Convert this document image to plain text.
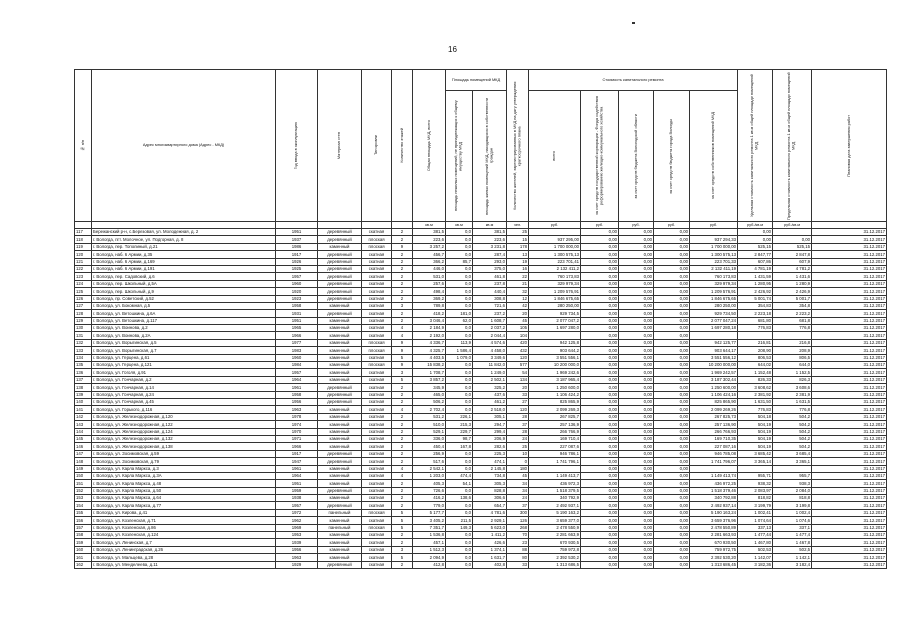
16
№ п/п	Адрес многоквартирного дома (Адрес - МКД)	Год ввода в эксплуатацию	Материал стен	Тип кровли	Количество этажей	Общая площадь МКД, всего	Площадь помещений МКД		Количество жителей, зарегистрированных в МКД на дату утверждения краткосрочного плана	Стоимость капитального ремонта					Удельная стоимость капитального ремонта 1 кв.м общей площади помещений МКД	Предельная стоимость капитального ремонта 1 кв.м общей площади помещений МКД	Плановая дата завершения работ

							площадь нежилых помещений, не принадлежащих к общему имуществу МКД	площадь жилых помещений МКД, находящихся в собственности граждан		всего	за счет средств государственной корпорации - Фонда содействия реформированию жилищно-коммунального хозяйства	за счет средств бюджета Вологодской области	за счет средств бюджета города Вологды	за счет средств собственников помещений МКД			

						кв.м	кв.м	кв.м	чел.	руб.	руб.	руб.	руб.	руб.	руб./кв.м	руб./кв.м	
117	Бережанский р-н, с.Березовая, ул. Молодежная, д. 2	1951	деревянный	скатная	2	381,5	0,0	381,5	25		0,00	0,00	0,00		0,00		31.12.2017
118	г. Вологда, пгт. Молочное, ул. Подгорная, д. 8	1937	деревянный	плоская	2	223,6	0,0	223,6	15	937 295,00	0,00	0,00	0,00	937 294,33	0,00	0,00	31.12.2017
119	г. Вологда, пер. Тополиный, д.21	1986	каменный	плоская	9	3 257,2	0,0	3 231,8	178	1 700 000,00	0,00	0,00	0,00	1 700 000,00	525,15	525,15	31.12.2017
120	г. Вологда, наб. 6 Армии, д.35	1917	деревянный	скатная	2	456,7	0,0	287,4	13	1 300 575,13	0,00	0,00	0,00	1 300 575,13	2 847,77	2 847,8	31.12.2017
121	г. Вологда, наб. 6 Армии, д.169	1926	деревянный	скатная	2	366,2	85,7	293,0	19	223 701,41	0,00	0,00	0,00	223 701,33	607,86	607,9	31.12.2017
122	г. Вологда, наб. 6 Армии, д.191	1925	деревянный	скатная	2	446,0	0,0	375,0	16	2 132 411,2	0,00	0,00	0,00	2 132 411,19	4 781,19	4 781,2	31.12.2017
123	г. Вологда, пер. Садовский, д.6	1957	деревянный	скатная	2	531,0	0,0	461,8	22	760 173,83	0,00	0,00	0,00	760 173,83	1 431,59	1 431,6	31.12.2017
124	г. Вологда, пер. Школьный, д.5А	1960	деревянный	скатная	2	257,6	0,0	237,8	21	329 979,34	0,00	0,00	0,00	329 979,34	1 280,95	1 280,9	31.12.2017
125	г. Вологда, пер. Школьный, д.9	1920	деревянный	скатная	2	498,4	0,0	440,4	32	1 209 576,91	0,00	0,00	0,00	1 209 576,91	2 426,92	2 426,9	31.12.2017
126	г. Вологда, пр. Советский, д.52	1923	деревянный	скатная	2	369,2	0,0	308,8	12	1 846 675,65	0,00	0,00	0,00	1 846 675,65	5 001,74	5 001,7	31.12.2017
127	г. Вологда, ул. Бокомная, д.5	1958	каменный	скатная	3	789,8	0,0	721,6	42	280 250,00	0,00	0,00	0,00	280 250,00	354,83	354,8	31.12.2017
128	г. Вологда, ул. Ветошкина, д.6А	1931	деревянный	скатная	2	418,2	181,0	237,2	20	929 734,5	0,00	0,00	0,00	929 734,50	2 223,18	2 223,2	31.12.2017
129	г. Вологда, ул. Ветошкина, д.117	1951	каменный	скатная	2	3 046,4	62,0	1 608,7	45	2 077 047,2	0,00	0,00	0,00	2 077 047,24	681,80	681,8	31.12.2017
130	г. Вологда, ул. Воинова, д.2	1965	каменный	скатная	4	2 184,9	0,0	2 037,2	105	1 697 280,0	0,00	0,00	0,00	1 697 280,18	776,83	776,8	31.12.2017
131	г. Вологда, ул. Воинова, д.2А	1966	каменный	скатная	4	2 192,0	0,0	2 044,4	104		0,00	0,00	0,00				31.12.2017
132	г. Вологда, ул. Ворыгинская, д.5	1977	каменный	плоская	9	4 336,7	113,9	4 574,6	420	942 125,8	0,00	0,00	0,00	942 125,77	216,81	216,8	31.12.2017
133	г. Вологда, ул. Ворыгинская, д.7	1983	каменный	плоская	9	4 325,7	1 586,4	4 458,0	432	903 644,2	0,00	0,00	0,00	903 644,17	208,90	208,9	31.12.2017
134	г. Вологда, ул. Герцена, д.61	1960	каменный	скатная	5	4 403,5	1 079,0	3 349,6	120	3 551 556,1	0,00	0,00	0,00	3 551 556,12	806,53	806,5	31.12.2017
135	г. Вологда, ул. Герцена, д.121	1984	каменный	плоская	9	15 838,2	0,0	11 842,0	577	10 200 000,0	0,00	0,00	0,00	10 200 000,00	644,02	644,0	31.12.2017
136	г. Вологда, ул. Гоголя, д.91	1957	каменный	скатная	3	1 708,7	0,0	1 249,0	54	1 969 242,6	0,00	0,00	0,00	1 969 242,57	1 152,48	1 152,5	31.12.2017
137	г. Вологда, ул. Гончарная, д.2	1964	каменный	скатная	5	3 857,2	0,0	2 502,1	134	3 187 965,4	0,00	0,00	0,00	3 187 302,44	826,33	826,3	31.12.2017
138	г. Вологда, ул. Гончарная, д.14	1961	деревянный	скатная	2	345,9	0,0	325,2	20	1 250 600,0	0,00	0,00	0,00	1 250 600,00	3 608,62	3 608,6	31.12.2017
139	г. Вологда, ул. Гончарная, д.24	1958	деревянный	скатная	2	465,0	0,0	437,6	33	1 106 424,2	0,00	0,00	0,00	1 106 424,16	2 381,92	2 381,9	31.12.2017
140	г. Вологда, ул. Гончарная, д.45	1956	деревянный	скатная	2	506,2	0,0	461,2	27	825 865,9	0,00	0,00	0,00	825 865,90	1 631,50	1 631,5	31.12.2017
141	г. Вологда, ул. Горького, д.116	1963	каменный	скатная	4	2 702,4	0,0	2 518,0	120	2 099 269,3	0,00	0,00	0,00	2 099 269,26	776,83	776,8	31.12.2017
142	г. Вологда, ул. Железнодорожная, д.120	1978	каменный	скатная	2	531,2	226,1	305,1	28	267 825,7	0,00	0,00	0,00	267 825,73	504,18	504,2	31.12.2017
143	г. Вологда, ул. Железнодорожная, д.122	1974	каменный	скатная	2	510,0	215,3	294,7	37	257 136,9	0,00	0,00	0,00	257 136,90	504,19	504,2	31.12.2017
144	г. Вологда, ул. Железнодорожная, д.124	1970	каменный	скатная	2	529,1	229,7	299,4	28	266 766,9	0,00	0,00	0,00	266 766,93	504,19	504,2	31.12.2017
145	г. Вологда, ул. Железнодорожная, д.132	1971	каменный	скатная	2	336,0	98,7	206,9	24	169 710,4	0,00	0,00	0,00	169 710,35	504,19	504,2	31.12.2017
146	г. Вологда, ул. Железнодорожная, д.138	1966	каменный	скатная	2	450,4	167,8	282,6	25	227 087,6	0,00	0,00	0,00	227 087,16	504,19	504,2	31.12.2017
147	г. Вологда, ул. Зосимовская, д.59	1917	деревянный	скатная	2	256,9	0,0	225,3	10	946 786,1	0,00	0,00	0,00	946 785,08	3 685,42	3 685,4	31.12.2017
148	г. Вологда, ул. Зосимовская, д.79	1947	деревянный	скатная	2	517,6	0,0	474,1	0	1 741 796,1	0,00	0,00	0,00	1 741 796,07	3 365,14	3 365,1	31.12.2017
149	г. Вологда, ул. Карла Маркса, д.3	1961	каменный	скатная	4	2 542,1	0,0	2 145,8	180		0,00	0,00	0,00				31.12.2017
150	г. Вологда, ул. Карла Маркса, д.3А	1964	каменный	скатная	4	1 203,0	474,4	734,8	45	1 149 413,7	0,00	0,00	0,00	1 149 413,74	955,71	955,7	31.12.2017
151	г. Вологда, ул. Карла Маркса, д.48	1951	каменный	скатная	2	405,3	54,1	305,3	34	436 972,3	0,00	0,00	0,00	436 972,25	938,32	938,3	31.12.2017
152	г. Вологда, ул. Карла Маркса, д.50	1959	деревянный	скатная	2	726,6	0,0	828,8	34	1 518 379,5	0,00	0,00	0,00	1 518 379,46	2 083,97	2 084,0	31.12.2017
153	г. Вологда, ул. Карла Маркса, д.64	1938	каменный	скатная	2	416,2	138,6	306,6	24	340 792,9	0,00	0,00	0,00	340 792,88	818,82	818,8	31.12.2017
154	г. Вологда, ул. Карла Маркса, д.77	1957	деревянный	скатная	2	779,0	0,0	654,7	37	2 492 937,1	0,00	0,00	0,00	2 492 937,14	3 199,79	3 199,8	31.12.2017
155	г. Вологда, ул. Кирова, д.41	1972	панельный	плоская	5	5 177,7	0,0	4 781,6	300	5 190 163,2	0,00	0,00	0,00	5 190 163,24	1 002,41	1 002,4	31.12.2017
156	г. Вологда, ул. Козленская, д.71	1962	каменный	скатная	5	3 405,2	211,5	2 929,1	126	3 659 377,0	0,00	0,00	0,00	3 659 376,96	1 074,64	1 074,6	31.12.2017
157	г. Вологда, ул. Козленская, д.86	1969	панельный	плоская	5	7 351,7	149,3	5 623,0	268	2 478 550,9	0,00	0,00	0,00	2 478 550,89	337,13	337,1	31.12.2017
158	г. Вологда, ул. Козленская, д.124	1953	каменный	скатная	2	1 536,8	0,0	1 411,2	70	2 281 663,9	0,00	0,00	0,00	2 281 663,93	1 477,44	1 477,4	31.12.2017
159	г. Вологда, ул. Ленинская, д.7	1939	каменный	скатная	2	457,1	0,0	426,6	23	670 930,5	0,00	0,00	0,00	670 930,50	1 467,80	1 467,8	31.12.2017
160	г. Вологда, ул. Ленинградская, д.26	1956	каменный	скатная	3	1 512,3	0,0	1 374,1	88	759 972,8	0,00	0,00	0,00	759 972,75	502,53	502,5	31.12.2017
161	г. Вологда, ул. Мальцева, д.28	1963	каменный	скатная	5	2 094,9	0,0	1 631,7	80	2 392 530,2	0,00	0,00	0,00	2 392 530,20	1 142,07	1 142,1	31.12.2017
162	г. Вологда, ул. Менделеева, д.11	1929	деревянный	скатная	2	412,8	0,0	402,8	33	1 313 686,5	0,00	0,00	0,00	1 313 686,45	3 182,36	3 182,4	31.12.2017
